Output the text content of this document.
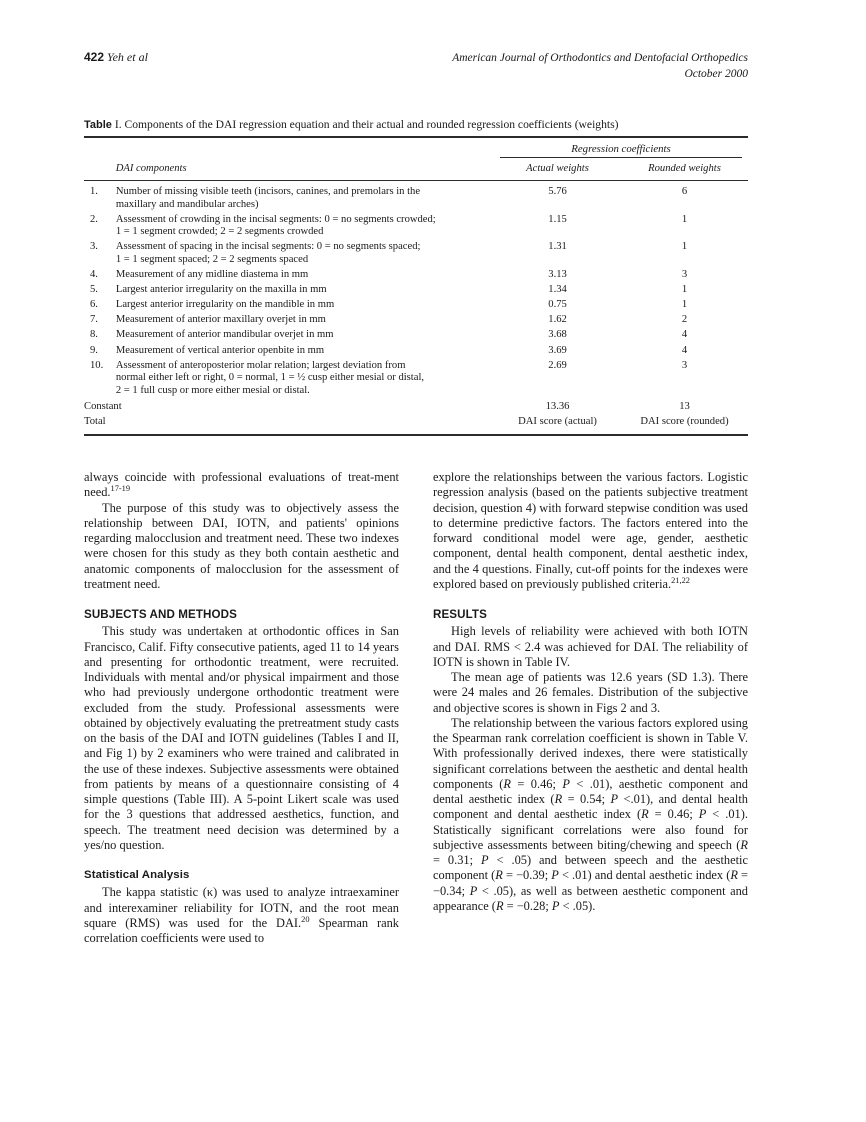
422 Yeh et al	American Journal of Orthodontics and Dentofacial Orthopedics
October 2000
Table I. Components of the DAI regression equation and their actual and rounded regression coefficients (weights)
		Regression coefficients	

	DAI components	Actual weights	Rounded weights
1.	Number of missing visible teeth (incisors, canines, and premolars in the
maxillary and mandibular arches)	5.76	6
2.	Assessment of crowding in the incisal segments: 0 = no segments crowded;
1 = 1 segment crowded; 2 = 2 segments crowded	1.15	1
3.	Assessment of spacing in the incisal segments: 0 = no segments spaced;
1 = 1 segment spaced; 2 = 2 segments spaced	1.31	1
4.	Measurement of any midline diastema in mm	3.13	3
5.	Largest anterior irregularity on the maxilla in mm	1.34	1
6.	Largest anterior irregularity on the mandible in mm	0.75	1
7.	Measurement of anterior maxillary overjet in mm	1.62	2
8.	Measurement of anterior mandibular overjet in mm	3.68	4
9.	Measurement of vertical anterior openbite in mm	3.69	4
10.	Assessment of anteroposterior molar relation; largest deviation from
normal either left or right, 0 = normal, 1 = ½ cusp either mesial or distal,
2 = 1 full cusp or more either mesial or distal.	2.69	3
Constant		13.36	13
Total		DAI score (actual)	DAI score (rounded)

always coincide with professional evaluations of treat-ment need.$^{17-19}$

The purpose of this study was to objectively assess the relationship between DAI, IOTN, and patients' opinions regarding malocclusion and treatment need. These two indexes were chosen for this study as they both contain aesthetic and anatomic components of malocclusion for the assessment of treatment need.

SUBJECTS AND METHODS

This study was undertaken at orthodontic offices in San Francisco, Calif. Fifty consecutive patients, aged 11 to 14 years and presenting for orthodontic treatment, were recruited. Individuals with mental and/or physical impairment and those who had previously undergone orthodontic treatment were excluded from the study. Professional assessments were obtained by objectively evaluating the pretreatment study casts on the basis of the DAI and IOTN guidelines (Tables I and II, and Fig 1) by 2 examiners who were trained and calibrated in the use of these indexes. Subjective assessments were obtained from patients by means of a questionnaire consisting of 4 simple questions (Table III). A 5-point Likert scale was used for the 3 questions that addressed aesthetics, function, and speech. The treatment need decision was determined by a yes/no question.

Statistical Analysis

The kappa statistic (κ) was used to analyze intraexaminer and interexaminer reliability for IOTN, and the root mean square (RMS) was used for the DAI.$^{20}$ Spearman rank correlation coefficients were used to

explore the relationships between the various factors. Logistic regression analysis (based on the patients subjective treatment decision, question 4) with forward stepwise condition was used to determine predictive factors. The factors entered into the forward conditional model were age, gender, aesthetic component, dental health component, dental aesthetic index, and the 4 questions. Finally, cut-off points for the indexes were explored based on previously published criteria.$^{21,22}$

RESULTS

High levels of reliability were achieved with both IOTN and DAI. RMS < 2.4 was achieved for DAI. The reliability of IOTN is shown in Table IV.

The mean age of patients was 12.6 years (SD 1.3). There were 24 males and 26 females. Distribution of the subjective and objective scores is shown in Figs 2 and 3.

The relationship between the various factors explored using the Spearman rank correlation coefficient is shown in Table V. With professionally derived indexes, there were statistically significant correlations between the aesthetic and dental health components (R = 0.46; P < .01), aesthetic component and dental aesthetic index (R = 0.54; P <.01), and dental health component and dental aesthetic index (R = 0.46; P < .01). Statistically significant correlations were also found for subjective assessments between biting/chewing and speech (R = 0.31; P < .05) and between speech and the aesthetic component (R = −0.39; P < .01) and dental aesthetic index (R = −0.34; P < .05), as well as between aesthetic component and appearance (R = −0.28; P < .05).
